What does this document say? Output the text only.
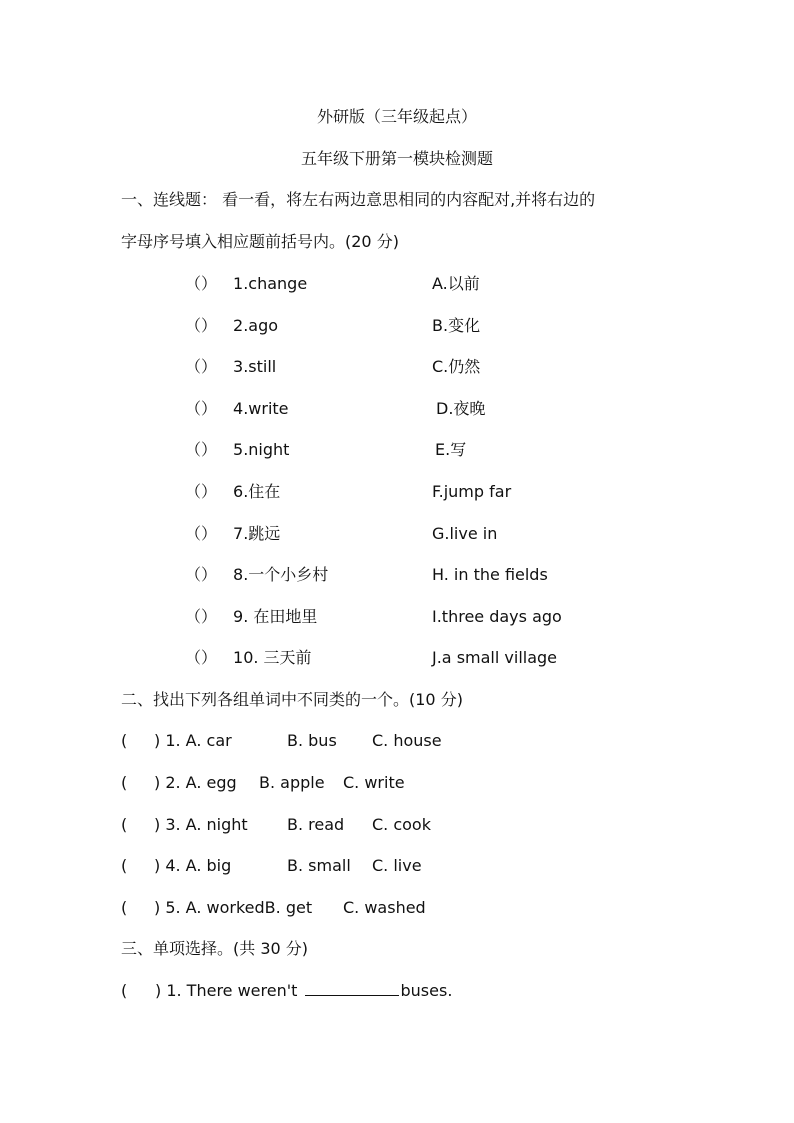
外研版（三年级起点）
五年级下册第一模块检测题
一、连线题： 看一看，将左右两边意思相同的内容配对,并将右边的
字母序号填入相应题前括号内。(20 分)
（） 1.change	A.以前
（） 2.ago	B.变化
（） 3.still	C.仍然
（） 4.write	D.夜晚
（） 5.night	E.写
（） 6.住在	F.jump far
（） 7.跳远	G.live in
（） 8.一个小乡村	H. in the fields
（） 9. 在田地里	I.three days ago
（） 10. 三天前	J.a small village
二、找出下列各组单词中不同类的一个。(10 分)
( ) 1. A. car	B. bus C. house
( ) 2. A. egg B. apple C. write
( ) 3. A. night B. read C. cook
( ) 4. A. big	B. small C. live
( ) 5. A. workedB. get C. washed
三、单项选择。(共 30 分)
( ) 1. There weren't	buses.
